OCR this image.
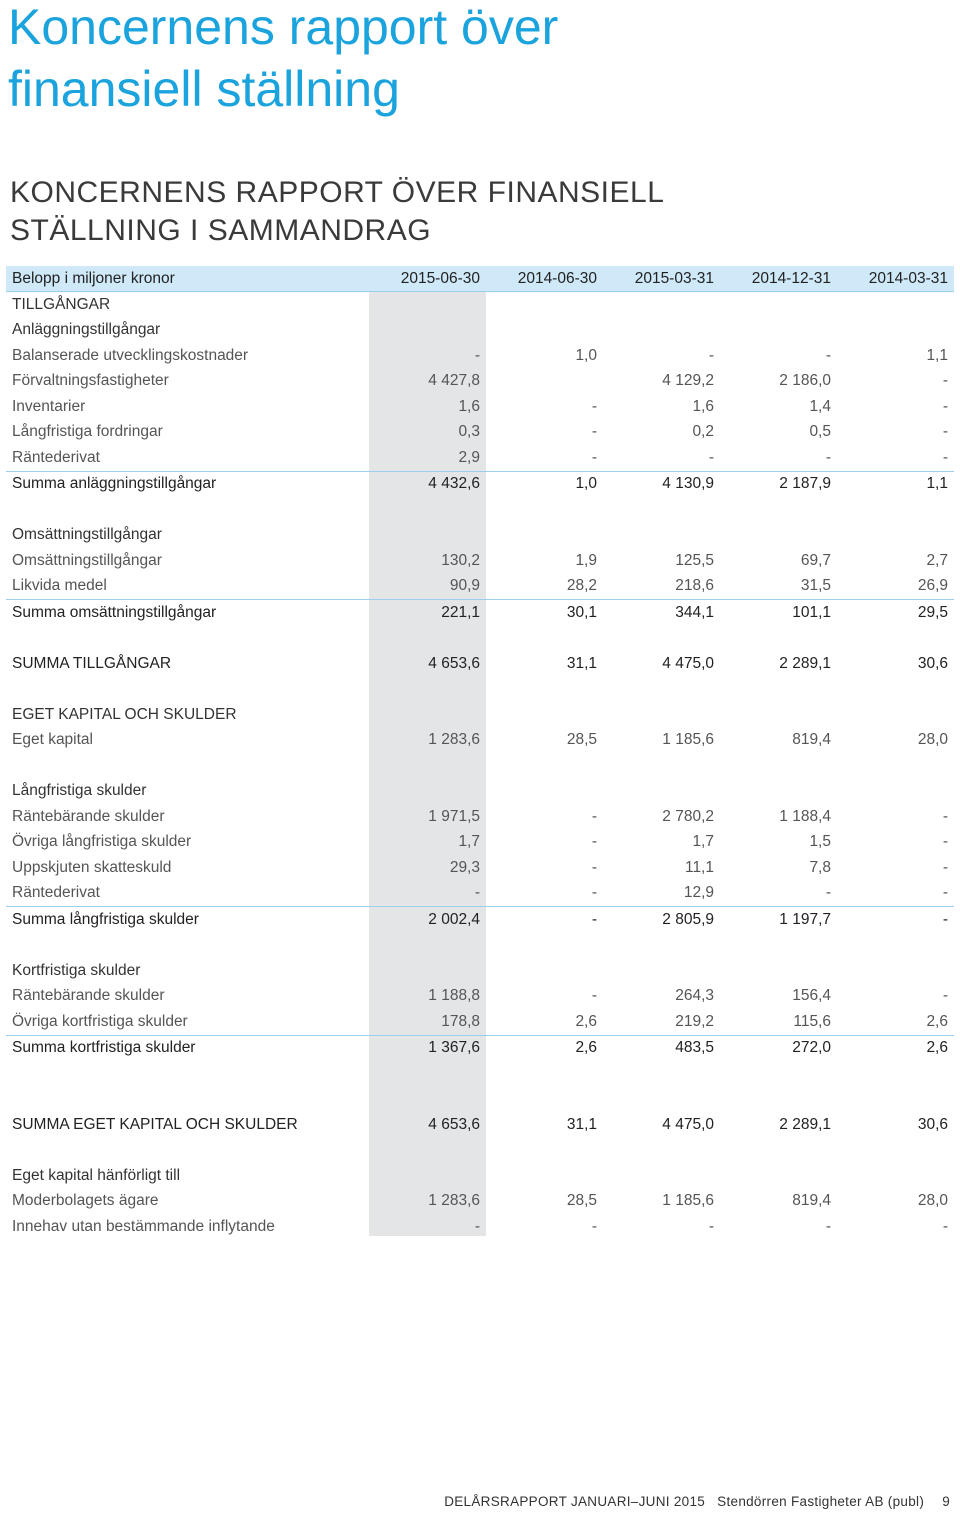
Koncernens rapport över finansiell ställning
KONCERNENS RAPPORT ÖVER FINANSIELL STÄLLNING I SAMMANDRAG
Belopp i miljoner kronor	2015-06-30	2014-06-30	2015-03-31	2014-12-31	2014-03-31
TILLGÅNGAR					
Anläggningstillgångar					
Balanserade utvecklingskostnader	-	1,0	-	-	1,1
Förvaltningsfastigheter	4 427,8		4 129,2	2 186,0	-
Inventarier	1,6	-	1,6	1,4	-
Långfristiga fordringar	0,3	-	0,2	0,5	-
Räntederivat	2,9	-	-	-	-
Summa anläggningstillgångar	4 432,6	1,0	4 130,9	2 187,9	1,1

Omsättningstillgångar					
Omsättningstillgångar	130,2	1,9	125,5	69,7	2,7
Likvida medel	90,9	28,2	218,6	31,5	26,9
Summa omsättningstillgångar	221,1	30,1	344,1	101,1	29,5

SUMMA TILLGÅNGAR	4 653,6	31,1	4 475,0	2 289,1	30,6

EGET KAPITAL OCH SKULDER					
Eget kapital	1 283,6	28,5	1 185,6	819,4	28,0

Långfristiga skulder					
Räntebärande skulder	1 971,5	-	2 780,2	1 188,4	-
Övriga långfristiga skulder	1,7	-	1,7	1,5	-
Uppskjuten skatteskuld	29,3	-	11,1	7,8	-
Räntederivat	-	-	12,9	-	-
Summa långfristiga skulder	2 002,4	-	2 805,9	1 197,7	-

Kortfristiga skulder					
Räntebärande skulder	1 188,8	-	264,3	156,4	-
Övriga kortfristiga skulder	178,8	2,6	219,2	115,6	2,6
Summa kortfristiga skulder	1 367,6	2,6	483,5	272,0	2,6

SUMMA EGET KAPITAL OCH SKULDER	4 653,6	31,1	4 475,0	2 289,1	30,6

Eget kapital hänförligt till					
Moderbolagets ägare	1 283,6	28,5	1 185,6	819,4	28,0
Innehav utan bestämmande inflytande	-	-	-	-	-
DELÅRSRAPPORT JANUARI–JUNI 2015 Stendörren Fastigheter AB (publ) 9
